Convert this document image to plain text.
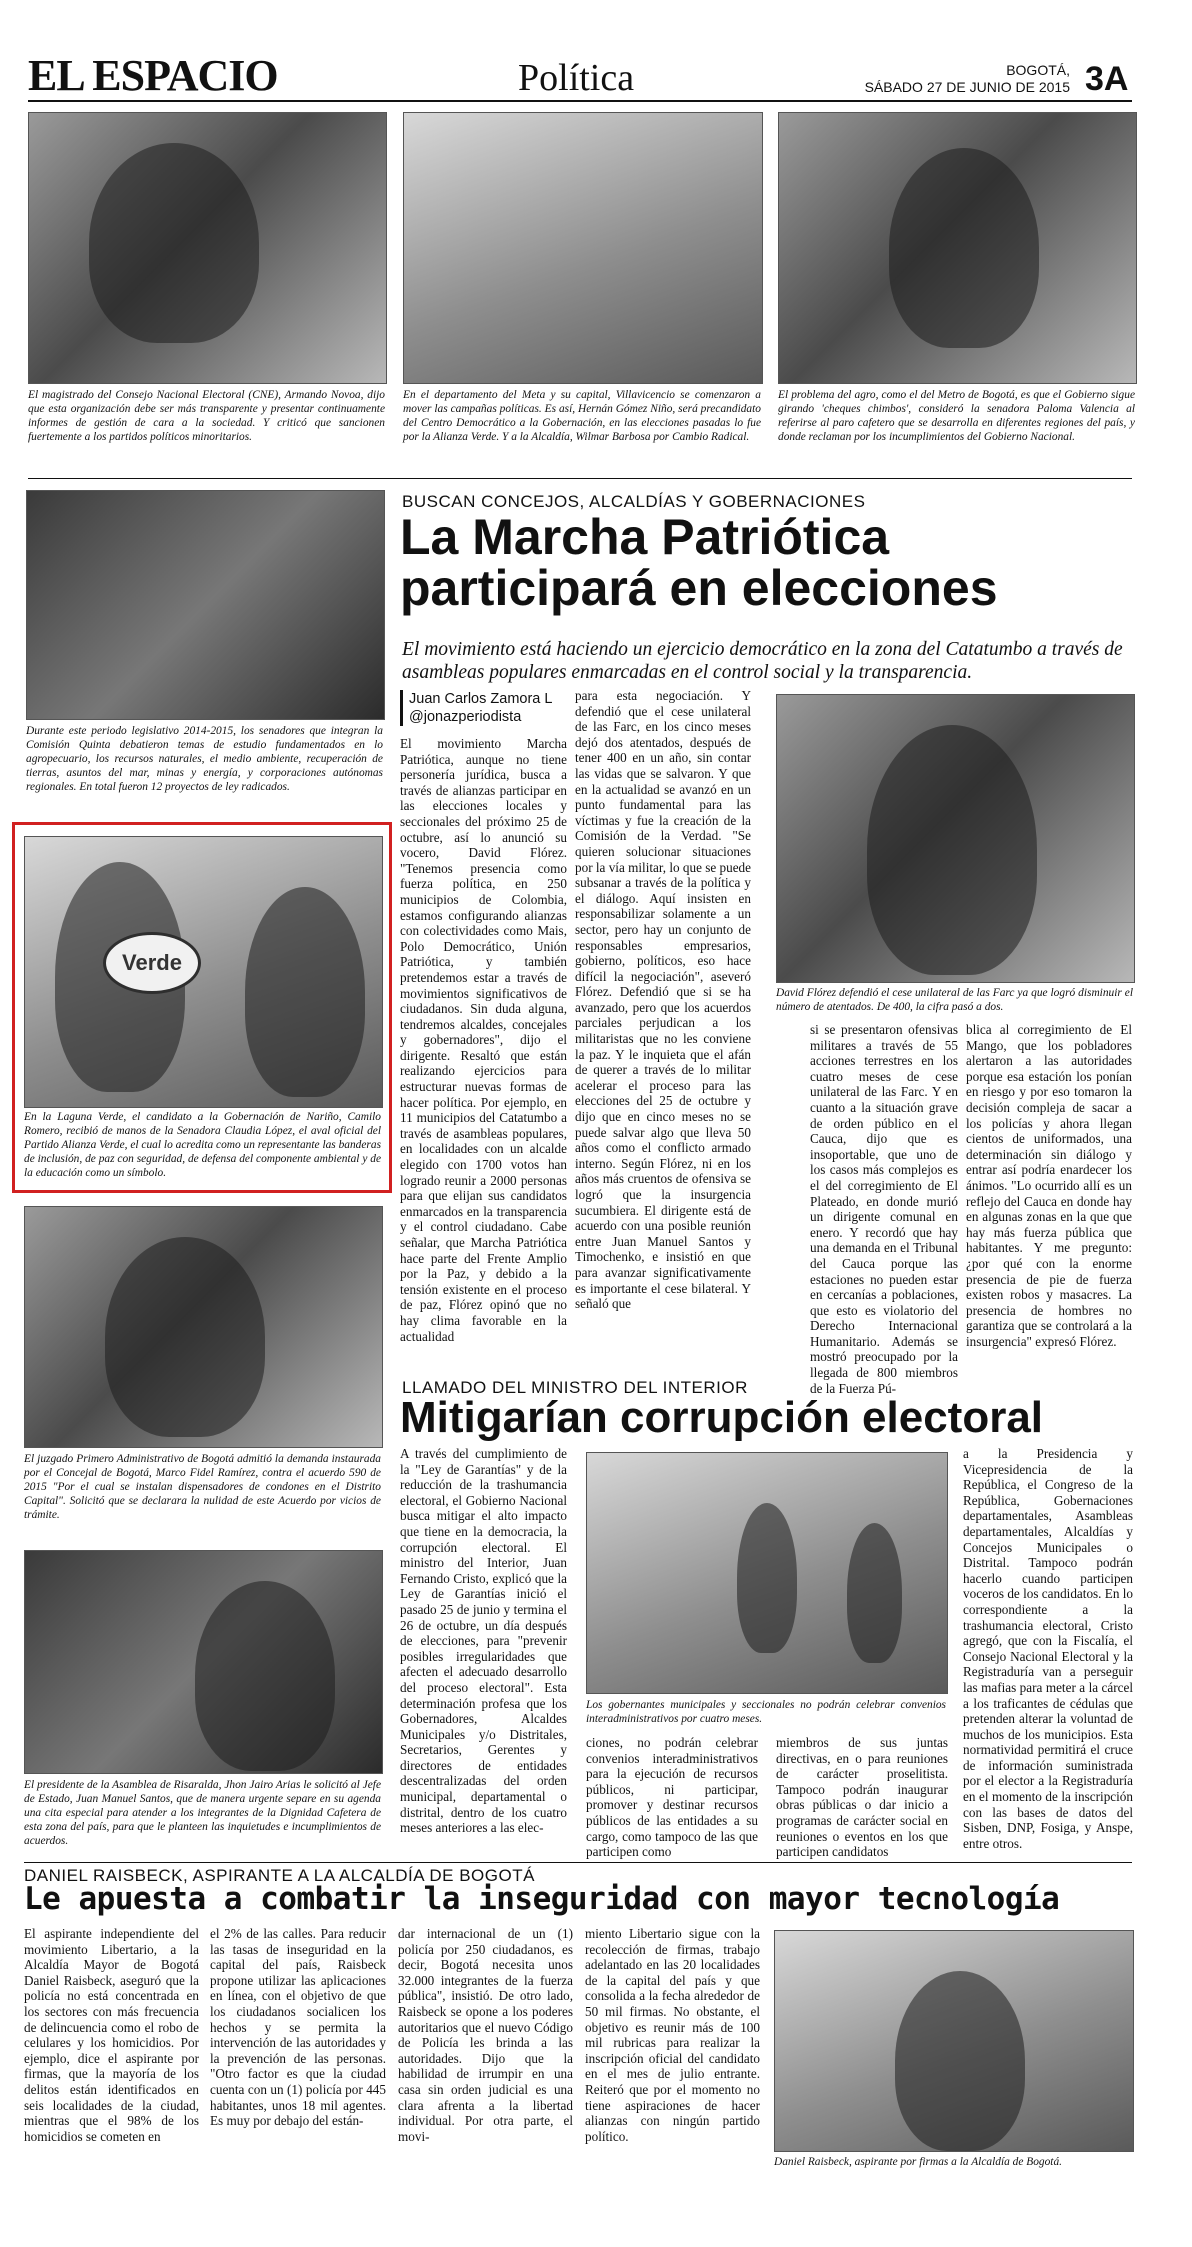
EL ESPACIO	Política	BOGOTÁ,
SÁBADO 27 DE JUNIO DE 2015 3A
El magistrado del Consejo Nacional Electoral (CNE), Armando Novoa, dijo que esta organización debe ser más transparente y presentar continuamente informes de gestión de cara a la sociedad. Y criticó que sancionen fuertemente a los partidos políticos minoritarios.
En el departamento del Meta y su capital, Villavicencio se comenzaron a mover las campañas políticas. Es así, Hernán Gómez Niño, será precandidato del Centro Democrático a la Gobernación, en las elecciones pasadas lo fue por la Alianza Verde. Y a la Alcaldía, Wilmar Barbosa por Cambio Radical.
El problema del agro, como el del Metro de Bogotá, es que el Gobierno sigue girando 'cheques chimbos', consideró la senadora Paloma Valencia al referirse al paro cafetero que se desarrolla en diferentes regiones del país, y donde reclaman por los incumplimientos del Gobierno Nacional.
Durante este periodo legislativo 2014-2015, los senadores que integran la Comisión Quinta debatieron temas de estudio fundamentados en lo agropecuario, los recursos naturales, el medio ambiente, recuperación de tierras, asuntos del mar, minas y energía, y corporaciones autónomas regionales. En total fueron 12 proyectos de ley radicados.
Verde
En la Laguna Verde, el candidato a la Gobernación de Nariño, Camilo Romero, recibió de manos de la Senadora Claudia López, el aval oficial del Partido Alianza Verde, el cual lo acredita como un representante las banderas de inclusión, de paz con seguridad, de defensa del componente ambiental y de la educación como un símbolo.
El juzgado Primero Administrativo de Bogotá admitió la demanda instaurada por el Concejal de Bogotá, Marco Fidel Ramírez, contra el acuerdo 590 de 2015 "Por el cual se instalan dispensadores de condones en el Distrito Capital". Solicitó que se declarara la nulidad de este Acuerdo por vicios de trámite.
El presidente de la Asamblea de Risaralda, Jhon Jairo Arias le solicitó al Jefe de Estado, Juan Manuel Santos, que de manera urgente separe en su agenda una cita especial para atender a los integrantes de la Dignidad Cafetera de esta zona del país, para que le planteen las inquietudes e incumplimientos de acuerdos.
BUSCAN CONCEJOS, ALCALDÍAS Y GOBERNACIONES
La Marcha Patriótica
participará en elecciones
El movimiento está haciendo un ejercicio democrático en la zona del Catatumbo a través de asambleas populares enmarcadas en el control social y la transparencia.
Juan Carlos Zamora L
@jonazperiodista

El movimiento Marcha Patriótica, aunque no tiene personería jurídica, busca a través de alianzas participar en las elecciones locales y seccionales del próximo 25 de octubre, así lo anunció su vocero, David Flórez. "Tenemos presencia como fuerza política, en 250 municipios de Colombia, estamos configurando alianzas con colectividades como Mais, Polo Democrático, Unión Patriótica, y también pretendemos estar a través de movimientos significativos de ciudadanos. Sin duda alguna, tendremos alcaldes, concejales y gobernadores", dijo el dirigente. Resaltó que están realizando ejercicios para estructurar nuevas formas de hacer política. Por ejemplo, en 11 municipios del Catatumbo a través de asambleas populares, en localidades con un alcalde elegido con 1700 votos han logrado reunir a 2000 personas para que elijan sus candidatos enmarcados en la transparencia y el control ciudadano. Cabe señalar, que Marcha Patriótica hace parte del Frente Amplio por la Paz, y debido a la tensión existente en el proceso de paz, Flórez opinó que no hay clima favorable en la actualidad

para esta negociación. Y defendió que el cese unilateral de las Farc, en los cinco meses dejó dos atentados, después de tener 400 en un año, sin contar las vidas que se salvaron. Y que en la actualidad se avanzó en un punto fundamental para las víctimas y fue la creación de la Comisión de la Verdad. "Se quieren solucionar situaciones por la vía militar, lo que se puede subsanar a través de la política y el diálogo. Aquí insisten en responsabilizar solamente a un sector, pero hay un conjunto de responsables empresarios, gobierno, políticos, eso hace difícil la negociación", aseveró Flórez. Defendió que si se ha avanzado, pero que los acuerdos parciales perjudican a los militaristas que no les conviene la paz. Y le inquieta que el afán de querer a través de lo militar acelerar el proceso para las elecciones del 25 de octubre y dijo que en cinco meses no se puede salvar algo que lleva 50 años como el conflicto armado interno. Según Flórez, ni en los años más cruentos de ofensiva se logró que la insurgencia sucumbiera. El dirigente está de acuerdo con una posible reunión entre Juan Manuel Santos y Timochenko, e insistió en que para avanzar significativamente es importante el cese bilateral. Y señaló que

David Flórez defendió el cese unilateral de las Farc ya que logró disminuir el número de atentados. De 400, la cifra pasó a dos.

si se presentaron ofensivas militares a través de 55 acciones terrestres en los cuatro meses de cese unilateral de las Farc. Y en cuanto a la situación grave de orden público en el Cauca, dijo que es insoportable, que uno de los casos más complejos es el del corregimiento de El Plateado, en donde murió un dirigente comunal en enero. Y recordó que hay una demanda en el Tribunal del Cauca porque las estaciones no pueden estar en cercanías a poblaciones, que esto es violatorio del Derecho Internacional Humanitario. Además se mostró preocupado por la llegada de 800 miembros de la Fuerza Pú-

blica al corregimiento de El Mango, que los pobladores alertaron a las autoridades porque esa estación los ponían en riesgo y por eso tomaron la decisión compleja de sacar a los policías y ahora llegan cientos de uniformados, una determinación sin diálogo y entrar así podría enardecer los ánimos. "Lo ocurrido allí es un reflejo del Cauca en donde hay en algunas zonas en la que que hay más fuerza pública que habitantes. Y me pregunto: ¿por qué con la enorme presencia de pie de fuerza existen robos y masacres. La presencia de hombres no garantiza que se controlará a la insurgencia" expresó Flórez.

LLAMADO DEL MINISTRO DEL INTERIOR
Mitigarían corrupción electoral

A través del cumplimiento de la "Ley de Garantías" y de la reducción de la trashumancia electoral, el Gobierno Nacional busca mitigar el alto impacto que tiene en la democracia, la corrupción electoral. El ministro del Interior, Juan Fernando Cristo, explicó que la Ley de Garantías inició el pasado 25 de junio y termina el 26 de octubre, un día después de elecciones, para "prevenir posibles irregularidades que afecten el adecuado desarrollo del proceso electoral". Esta determinación profesa que los Gobernadores, Alcaldes Municipales y/o Distritales, Secretarios, Gerentes y directores de entidades descentralizadas del orden municipal, departamental o distrital, dentro de los cuatro meses anteriores a las elec-

Los gobernantes municipales y seccionales no podrán celebrar convenios interadministrativos por cuatro meses.

ciones, no podrán celebrar convenios interadministrativos para la ejecución de recursos públicos, ni participar, promover y destinar recursos públicos de las entidades a su cargo, como tampoco de las que participen como

miembros de sus juntas directivas, en o para reuniones de carácter proselitista. Tampoco podrán inaugurar obras públicas o dar inicio a programas de carácter social en reuniones o eventos en los que participen candidatos

a la Presidencia y Vicepresidencia de la República, el Congreso de la República, Gobernaciones departamentales, Asambleas departamentales, Alcaldías y Concejos Municipales o Distrital. Tampoco podrán hacerlo cuando participen voceros de los candidatos. En lo correspondiente a la trashumancia electoral, Cristo agregó, que con la Fiscalía, el Consejo Nacional Electoral y la Registraduría van a perseguir las mafias para meter a la cárcel a los traficantes de cédulas que pretenden alterar la voluntad de muchos de los municipios. Esta normatividad permitirá el cruce de información suministrada por el elector a la Registraduría en el momento de la inscripción con las bases de datos del Sisben, DNP, Fosiga, y Anspe, entre otros.

DANIEL RAISBECK, ASPIRANTE A LA ALCALDÍA DE BOGOTÁ
Le apuesta a combatir la inseguridad con mayor tecnología

El aspirante independiente del movimiento Libertario, a la Alcaldía Mayor de Bogotá Daniel Raisbeck, aseguró que la policía no está concentrada en los sectores con más frecuencia de delincuencia como el robo de celulares y los homicidios. Por ejemplo, dice el aspirante por firmas, que la mayoría de los delitos están identificados en seis localidades de la ciudad, mientras que el 98% de los homicidios se cometen en

el 2% de las calles. Para reducir las tasas de inseguridad en la capital del país, Raisbeck propone utilizar las aplicaciones en línea, con el objetivo de que los ciudadanos socialicen los hechos y se permita la intervención de las autoridades y la prevención de las personas. "Otro factor es que la ciudad cuenta con un (1) policía por 445 habitantes, unos 18 mil agentes. Es muy por debajo del están-

dar internacional de un (1) policía por 250 ciudadanos, es decir, Bogotá necesita unos 32.000 integrantes de la fuerza pública", insistió. De otro lado, Raisbeck se opone a los poderes autoritarios que el nuevo Código de Policía les brinda a las autoridades. Dijo que la habilidad de irrumpir en una casa sin orden judicial es una clara afrenta a la libertad individual. Por otra parte, el movi-

miento Libertario sigue con la recolección de firmas, trabajo adelantado en las 20 localidades de la capital del país y que consolida a la fecha alrededor de 50 mil firmas. No obstante, el objetivo es reunir más de 100 mil rubricas para realizar la inscripción oficial del candidato en el mes de julio entrante. Reiteró que por el momento no tiene aspiraciones de hacer alianzas con ningún partido político.

Daniel Raisbeck, aspirante por firmas a la Alcaldía de Bogotá.
